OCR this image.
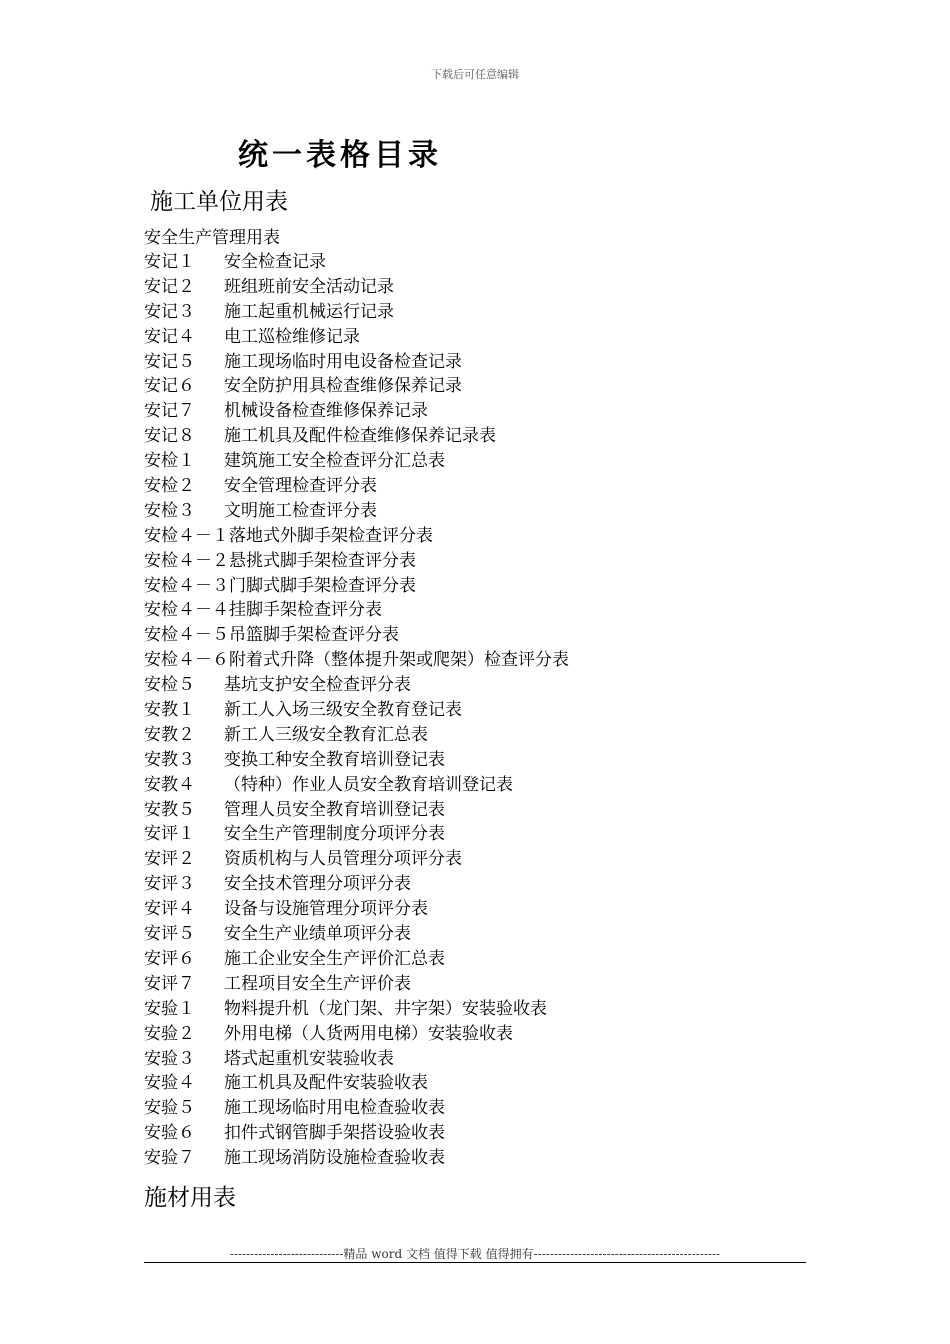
下载后可任意编辑
统一表格目录
施工单位用表
安全生产管理用表
安记１ 安全检查记录
安记２ 班组班前安全活动记录
安记３ 施工起重机械运行记录
安记４ 电工巡检维修记录
安记５ 施工现场临时用电设备检查记录
安记６ 安全防护用具检查维修保养记录
安记７ 机械设备检查维修保养记录
安记８ 施工机具及配件检查维修保养记录表
安检１ 建筑施工安全检查评分汇总表
安检２ 安全管理检查评分表
安检３ 文明施工检查评分表
安检４－１落地式外脚手架检查评分表
安检４－２悬挑式脚手架检查评分表
安检４－３门脚式脚手架检查评分表
安检４－４挂脚手架检查评分表
安检４－５吊篮脚手架检查评分表
安检４－６附着式升降（整体提升架或爬架）检查评分表
安检５ 基坑支护安全检查评分表
安教１ 新工人入场三级安全教育登记表
安教２ 新工人三级安全教育汇总表
安教３ 变换工种安全教育培训登记表
安教４ （特种）作业人员安全教育培训登记表
安教５ 管理人员安全教育培训登记表
安评１ 安全生产管理制度分项评分表
安评２ 资质机构与人员管理分项评分表
安评３ 安全技术管理分项评分表
安评４ 设备与设施管理分项评分表
安评５ 安全生产业绩单项评分表
安评６ 施工企业安全生产评价汇总表
安评７ 工程项目安全生产评价表
安验１ 物料提升机（龙门架、井字架）安装验收表
安验２ 外用电梯（人货两用电梯）安装验收表
安验３ 塔式起重机安装验收表
安验４ 施工机具及配件安装验收表
安验５ 施工现场临时用电检查验收表
安验６ 扣件式钢管脚手架搭设验收表
安验７ 施工现场消防设施检查验收表
施材用表
----------------------------精品 word 文档 值得下载 值得拥有----------------------------------------------
